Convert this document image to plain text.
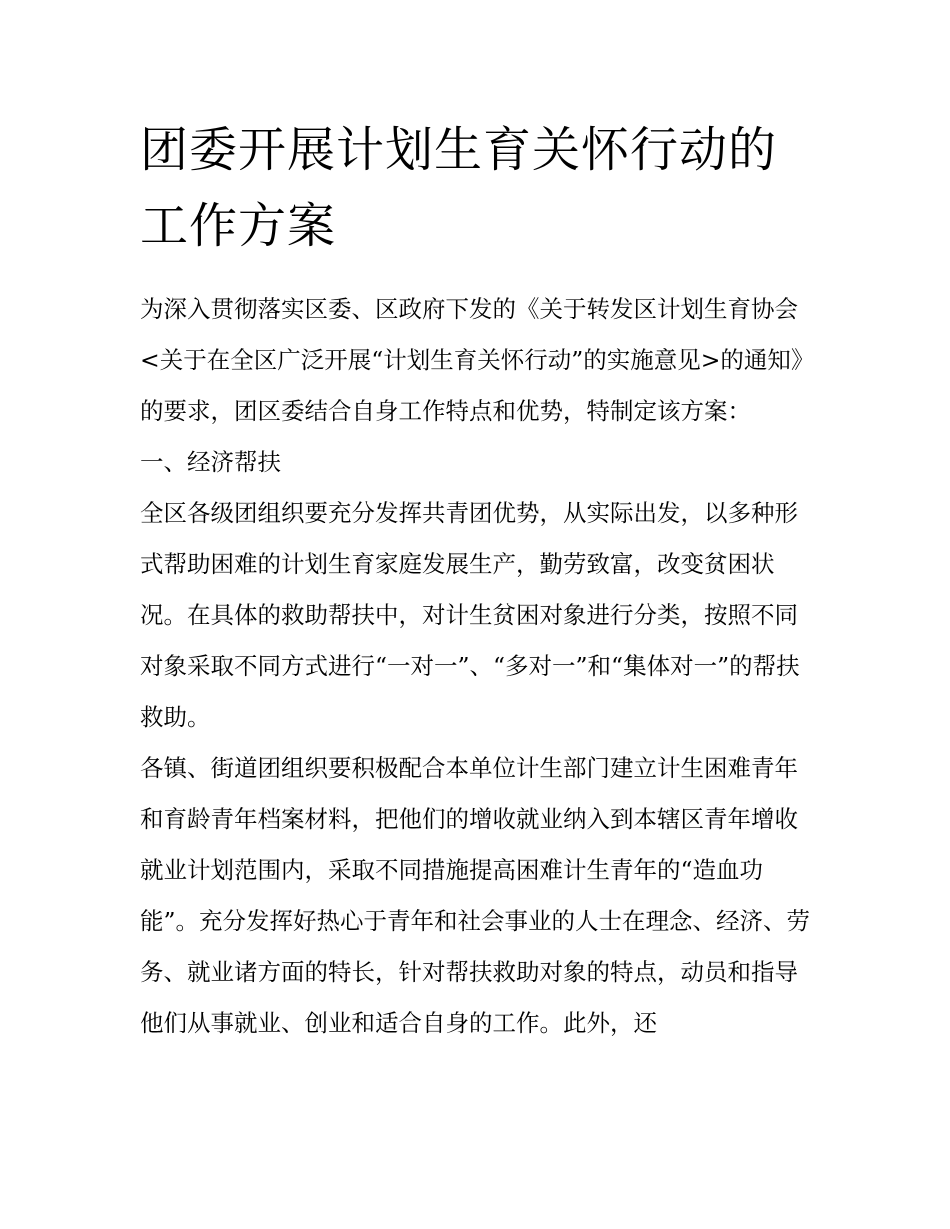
团委开展计划生育关怀行动的工作方案

为深入贯彻落实区委、区政府下发的《关于转发区计划生育协会<关于在全区广泛开展“计划生育关怀行动”的实施意见>的通知》的要求，团区委结合自身工作特点和优势，特制定该方案：

一、经济帮扶

全区各级团组织要充分发挥共青团优势，从实际出发，以多种形式帮助困难的计划生育家庭发展生产，勤劳致富，改变贫困状况。在具体的救助帮扶中，对计生贫困对象进行分类，按照不同对象采取不同方式进行“一对一”、“多对一”和“集体对一”的帮扶救助。

各镇、街道团组织要积极配合本单位计生部门建立计生困难青年和育龄青年档案材料，把他们的增收就业纳入到本辖区青年增收就业计划范围内，采取不同措施提高困难计生青年的“造血功能”。充分发挥好热心于青年和社会事业的人士在理念、经济、劳务、就业诸方面的特长，针对帮扶救助对象的特点，动员和指导他们从事就业、创业和适合自身的工作。此外，还
